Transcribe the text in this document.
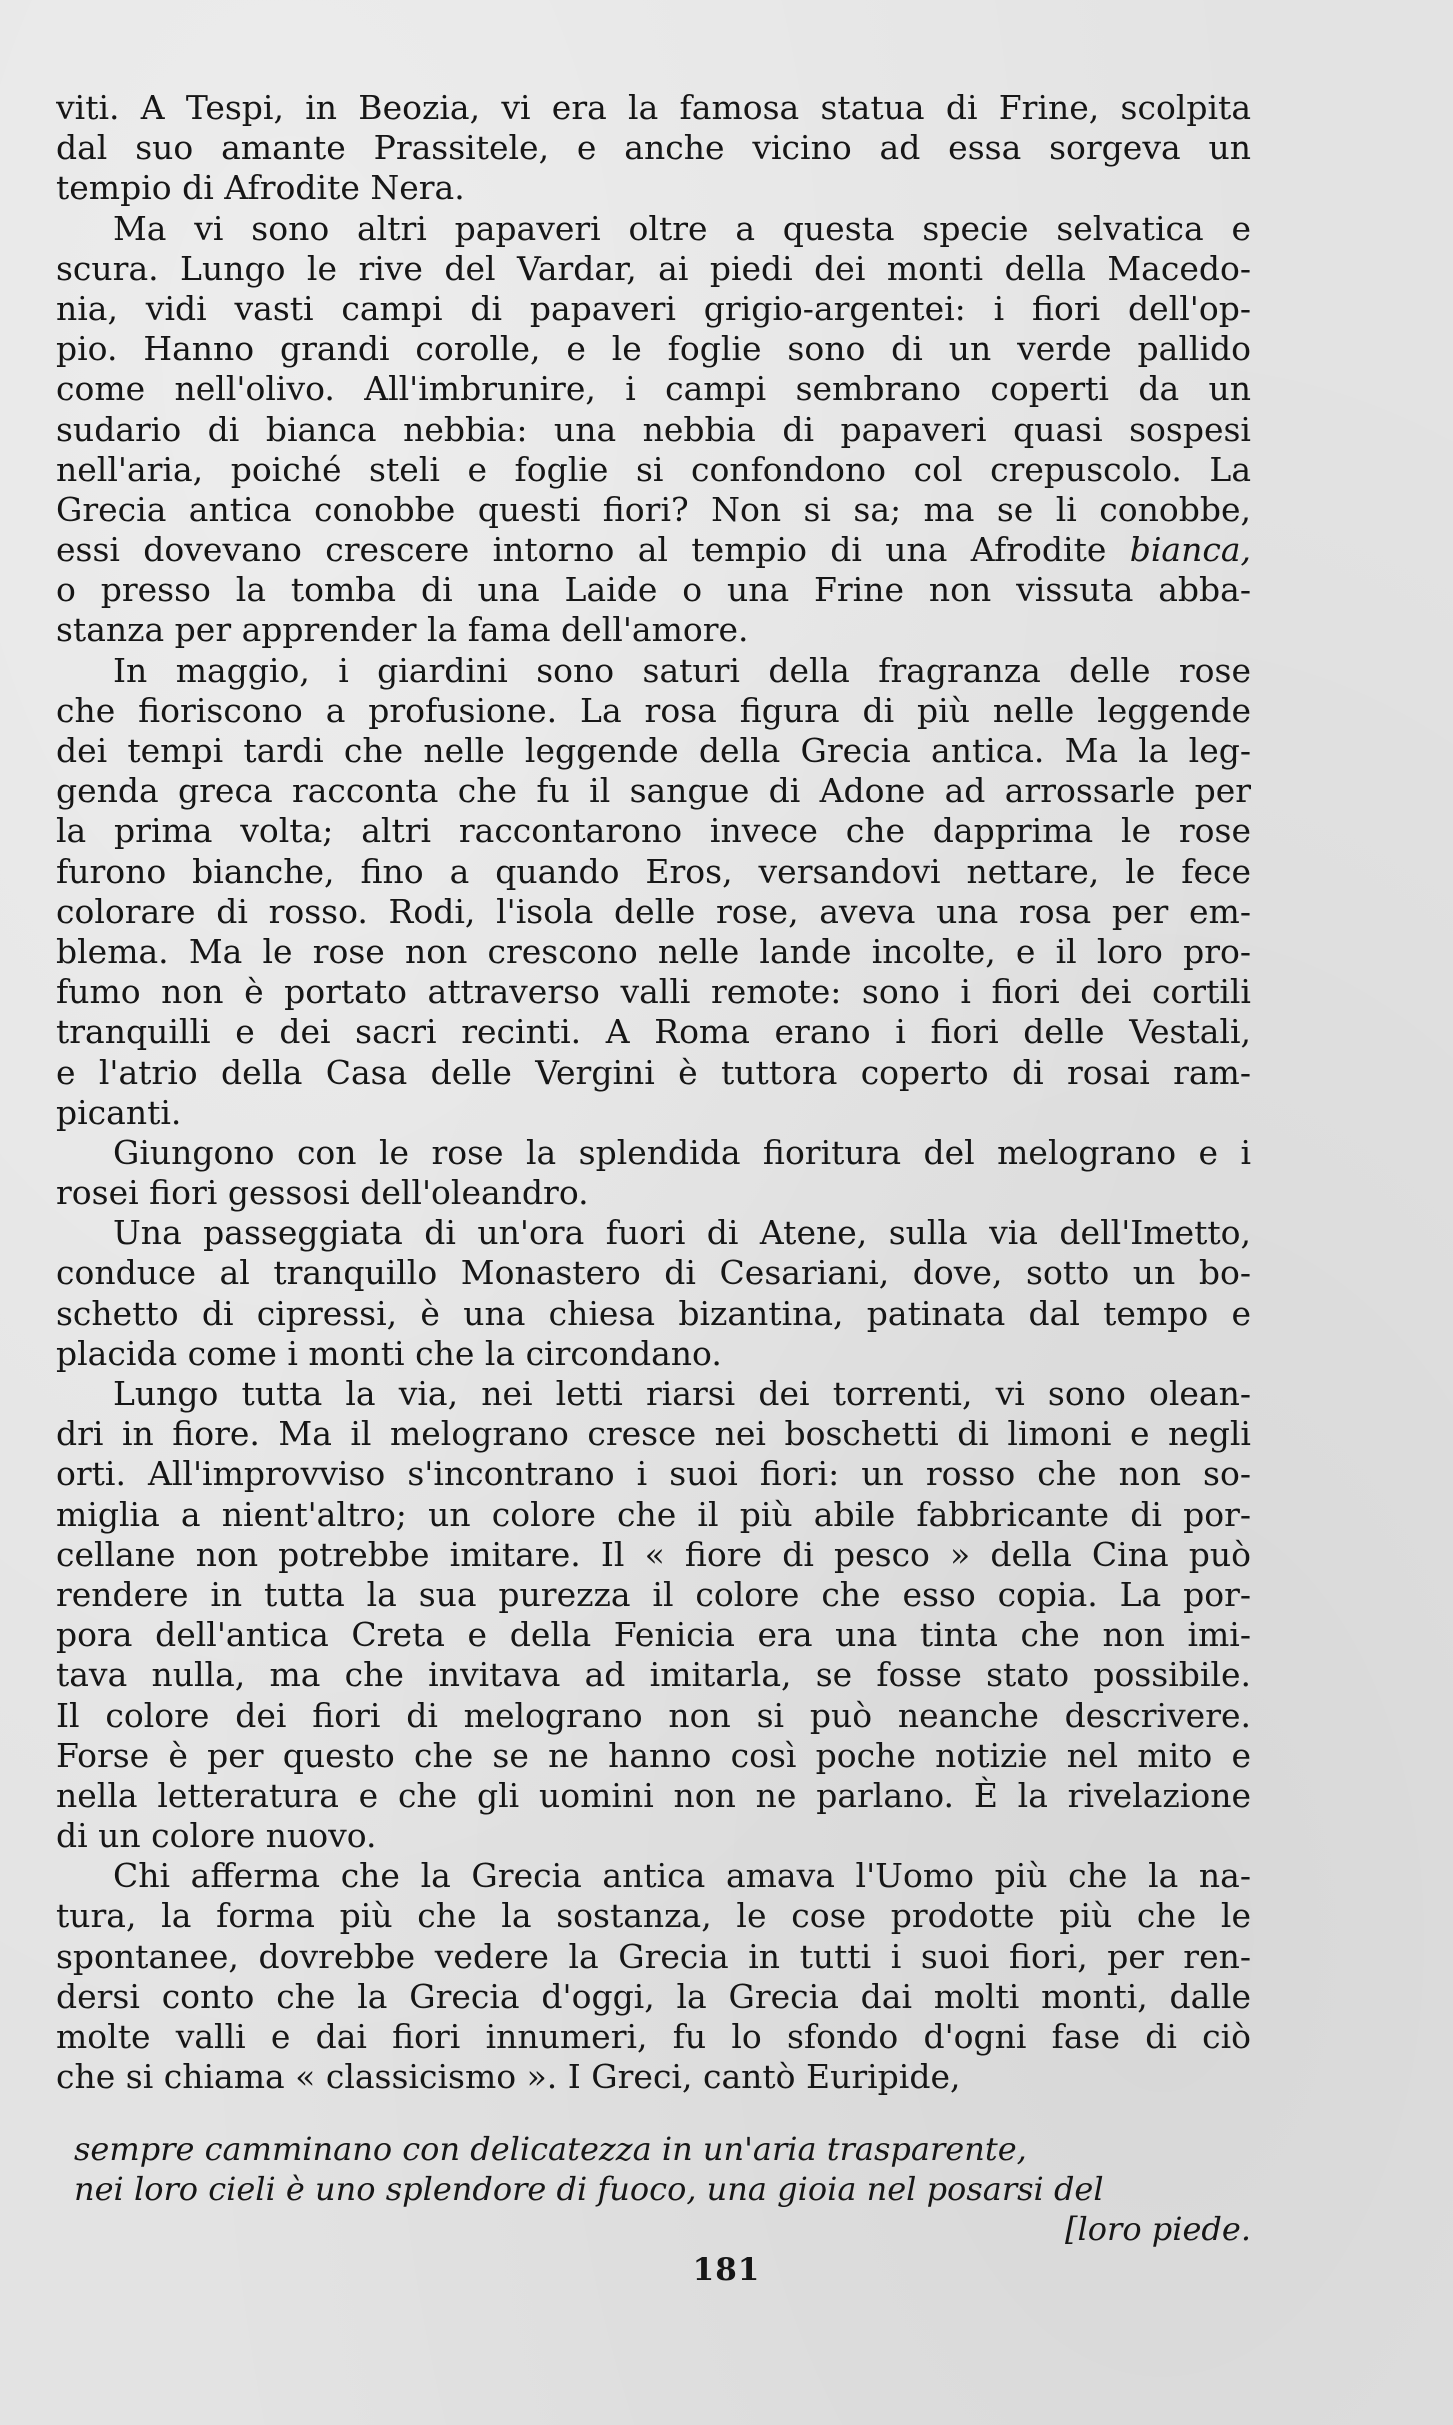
viti. A Tespi, in Beozia, vi era la famosa statua di Frine, scolpita
dal suo amante Prassitele, e anche vicino ad essa sorgeva un
tempio di Afrodite Nera.
Ma vi sono altri papaveri oltre a questa specie selvatica e
scura. Lungo le rive del Vardar, ai piedi dei monti della Macedo-
nia, vidi vasti campi di papaveri grigio-argentei: i fiori dell'op-
pio. Hanno grandi corolle, e le foglie sono di un verde pallido
come nell'olivo. All'imbrunire, i campi sembrano coperti da un
sudario di bianca nebbia: una nebbia di papaveri quasi sospesi
nell'aria, poiché steli e foglie si confondono col crepuscolo. La
Grecia antica conobbe questi fiori? Non si sa; ma se li conobbe,
essi dovevano crescere intorno al tempio di una Afrodite bianca,
o presso la tomba di una Laide o una Frine non vissuta abba-
stanza per apprender la fama dell'amore.
In maggio, i giardini sono saturi della fragranza delle rose
che fioriscono a profusione. La rosa figura di più nelle leggende
dei tempi tardi che nelle leggende della Grecia antica. Ma la leg-
genda greca racconta che fu il sangue di Adone ad arrossarle per
la prima volta; altri raccontarono invece che dapprima le rose
furono bianche, fino a quando Eros, versandovi nettare, le fece
colorare di rosso. Rodi, l'isola delle rose, aveva una rosa per em-
blema. Ma le rose non crescono nelle lande incolte, e il loro pro-
fumo non è portato attraverso valli remote: sono i fiori dei cortili
tranquilli e dei sacri recinti. A Roma erano i fiori delle Vestali,
e l'atrio della Casa delle Vergini è tuttora coperto di rosai ram-
picanti.
Giungono con le rose la splendida fioritura del melograno e i
rosei fiori gessosi dell'oleandro.
Una passeggiata di un'ora fuori di Atene, sulla via dell'Imetto,
conduce al tranquillo Monastero di Cesariani, dove, sotto un bo-
schetto di cipressi, è una chiesa bizantina, patinata dal tempo e
placida come i monti che la circondano.
Lungo tutta la via, nei letti riarsi dei torrenti, vi sono olean-
dri in fiore. Ma il melograno cresce nei boschetti di limoni e negli
orti. All'improvviso s'incontrano i suoi fiori: un rosso che non so-
miglia a nient'altro; un colore che il più abile fabbricante di por-
cellane non potrebbe imitare. Il « fiore di pesco » della Cina può
rendere in tutta la sua purezza il colore che esso copia. La por-
pora dell'antica Creta e della Fenicia era una tinta che non imi-
tava nulla, ma che invitava ad imitarla, se fosse stato possibile.
Il colore dei fiori di melograno non si può neanche descrivere.
Forse è per questo che se ne hanno così poche notizie nel mito e
nella letteratura e che gli uomini non ne parlano. È la rivelazione
di un colore nuovo.
Chi afferma che la Grecia antica amava l'Uomo più che la na-
tura, la forma più che la sostanza, le cose prodotte più che le
spontanee, dovrebbe vedere la Grecia in tutti i suoi fiori, per ren-
dersi conto che la Grecia d'oggi, la Grecia dai molti monti, dalle
molte valli e dai fiori innumeri, fu lo sfondo d'ogni fase di ciò
che si chiama « classicismo ». I Greci, cantò Euripide,
sempre camminano con delicatezza in un'aria trasparente,
nei loro cieli è uno splendore di fuoco, una gioia nel posarsi del
[loro piede.
181
